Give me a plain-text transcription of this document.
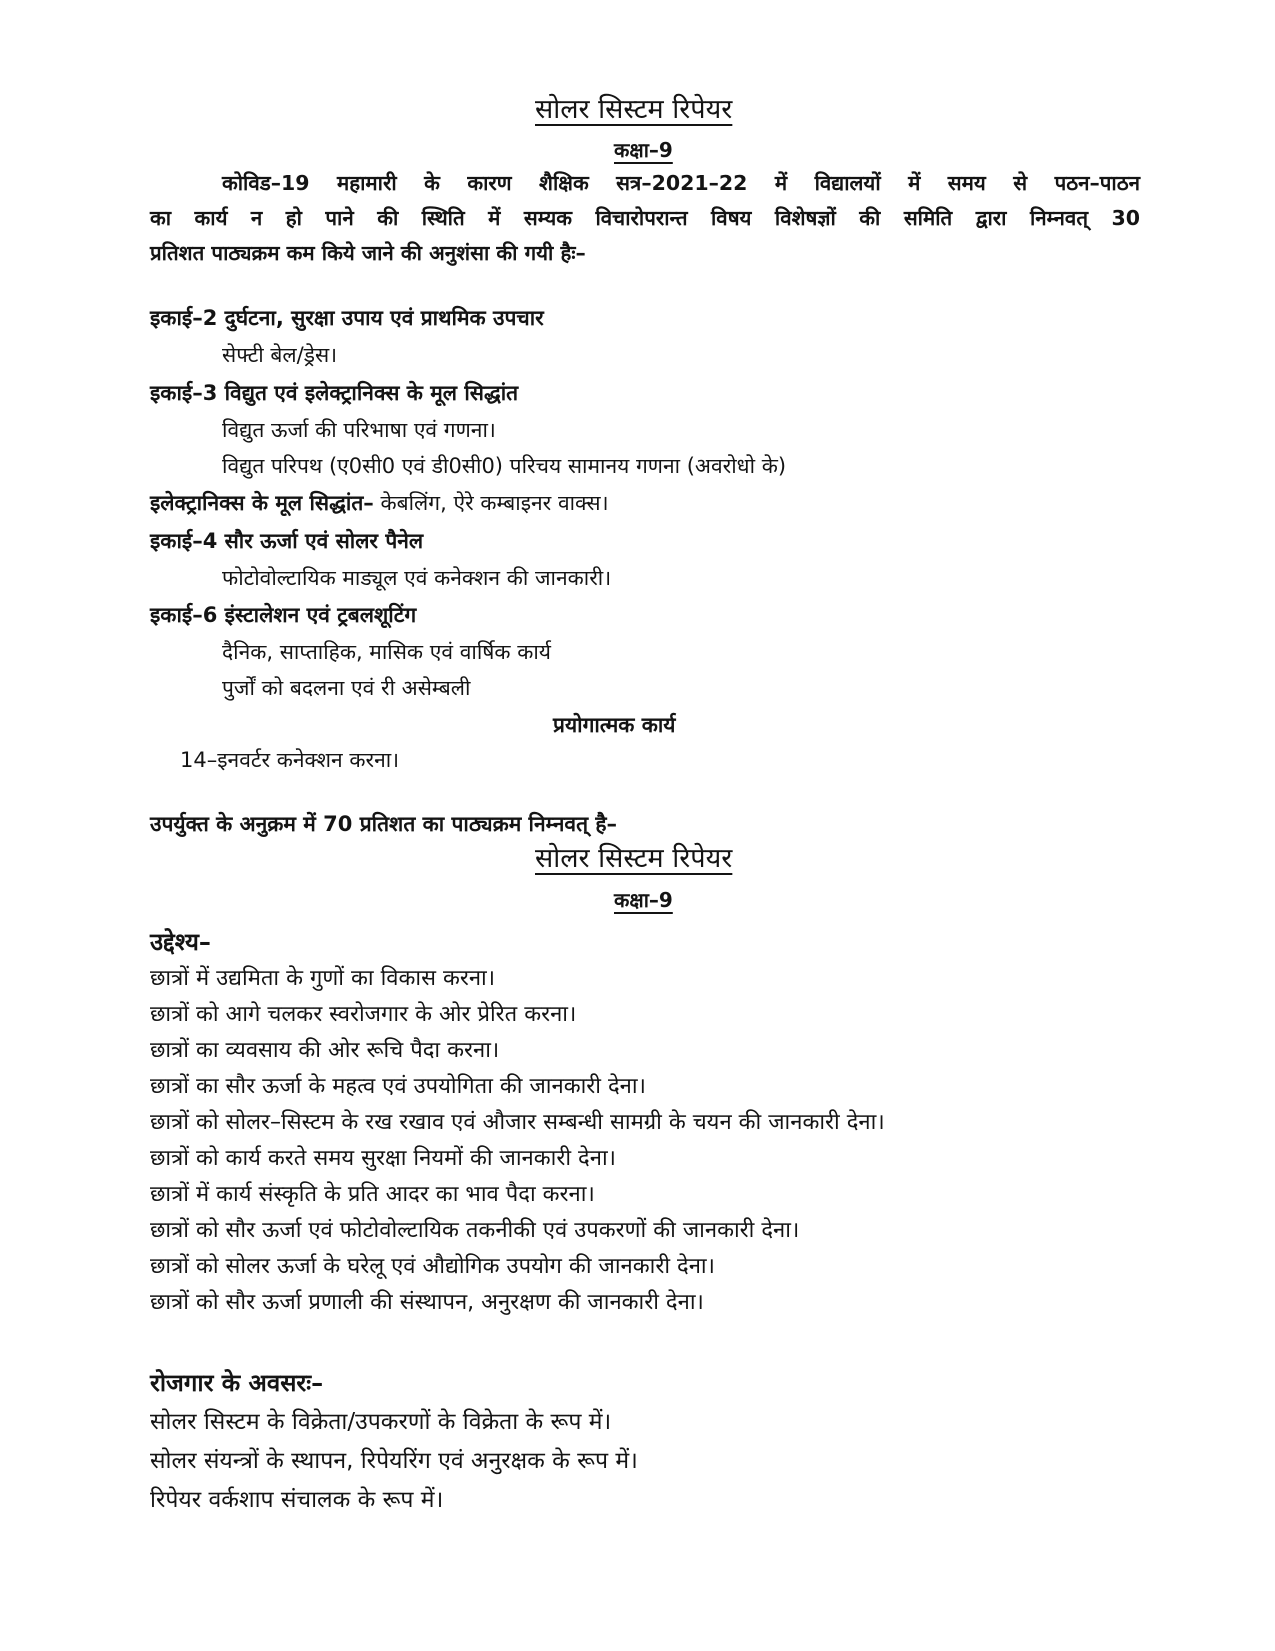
सोलर सिस्टम रिपेयर
कक्षा–9
कोविड–19 महामारी के कारण शैक्षिक सत्र–2021–22 में विद्यालयों में समय से पठन–पाठन
का कार्य न हो पाने की स्थिति में सम्यक विचारोपरान्त विषय विशेषज्ञों की समिति द्वारा निम्नवत् 30
प्रतिशत पाठ्यक्रम कम किये जाने की अनुशंसा की गयी हैः–
इकाई–2 दुर्घटना, सुरक्षा उपाय एवं प्राथमिक उपचार
सेफ्टी बेल/ड्रेस।
इकाई–3 विद्युत एवं इलेक्ट्रानिक्स के मूल सिद्धांत
विद्युत ऊर्जा की परिभाषा एवं गणना।
विद्युत परिपथ (ए0सी0 एवं डी0सी0) परिचय सामानय गणना (अवरोधो के)
इलेक्ट्रानिक्स के मूल सिद्धांत– केबलिंग, ऐरे कम्बाइनर वाक्स।
इकाई–4 सौर ऊर्जा एवं सोलर पैनेल
फोटोवोल्टायिक माड्यूल एवं कनेक्शन की जानकारी।
इकाई–6 इंस्टालेशन एवं ट्रबलशूटिंग
दैनिक, साप्ताहिक, मासिक एवं वार्षिक कार्य
पुर्जों को बदलना एवं री असेम्बली
प्रयोगात्मक कार्य
14–इनवर्टर कनेक्शन करना।
उपर्युक्त के अनुक्रम में 70 प्रतिशत का पाठ्यक्रम निम्नवत् है–
सोलर सिस्टम रिपेयर
कक्षा–9
उद्देश्य–
छात्रों में उद्यमिता के गुणों का विकास करना।
छात्रों को आगे चलकर स्वरोजगार के ओर प्रेरित करना।
छात्रों का व्यवसाय की ओर रूचि पैदा करना।
छात्रों का सौर ऊर्जा के महत्व एवं उपयोगिता की जानकारी देना।
छात्रों को सोलर–सिस्टम के रख रखाव एवं औजार सम्बन्धी सामग्री के चयन की जानकारी देना।
छात्रों को कार्य करते समय सुरक्षा नियमों की जानकारी देना।
छात्रों में कार्य संस्कृति के प्रति आदर का भाव पैदा करना।
छात्रों को सौर ऊर्जा एवं फोटोवोल्टायिक तकनीकी एवं उपकरणों की जानकारी देना।
छात्रों को सोलर ऊर्जा के घरेलू एवं औद्योगिक उपयोग की जानकारी देना।
छात्रों को सौर ऊर्जा प्रणाली की संस्थापन, अनुरक्षण की जानकारी देना।
रोजगार के अवसरः–
सोलर सिस्टम के विक्रेता/उपकरणों के विक्रेता के रूप में।
सोलर संयन्त्रों के स्थापन, रिपेयरिंग एवं अनुरक्षक के रूप में।
रिपेयर वर्कशाप संचालक के रूप में।
